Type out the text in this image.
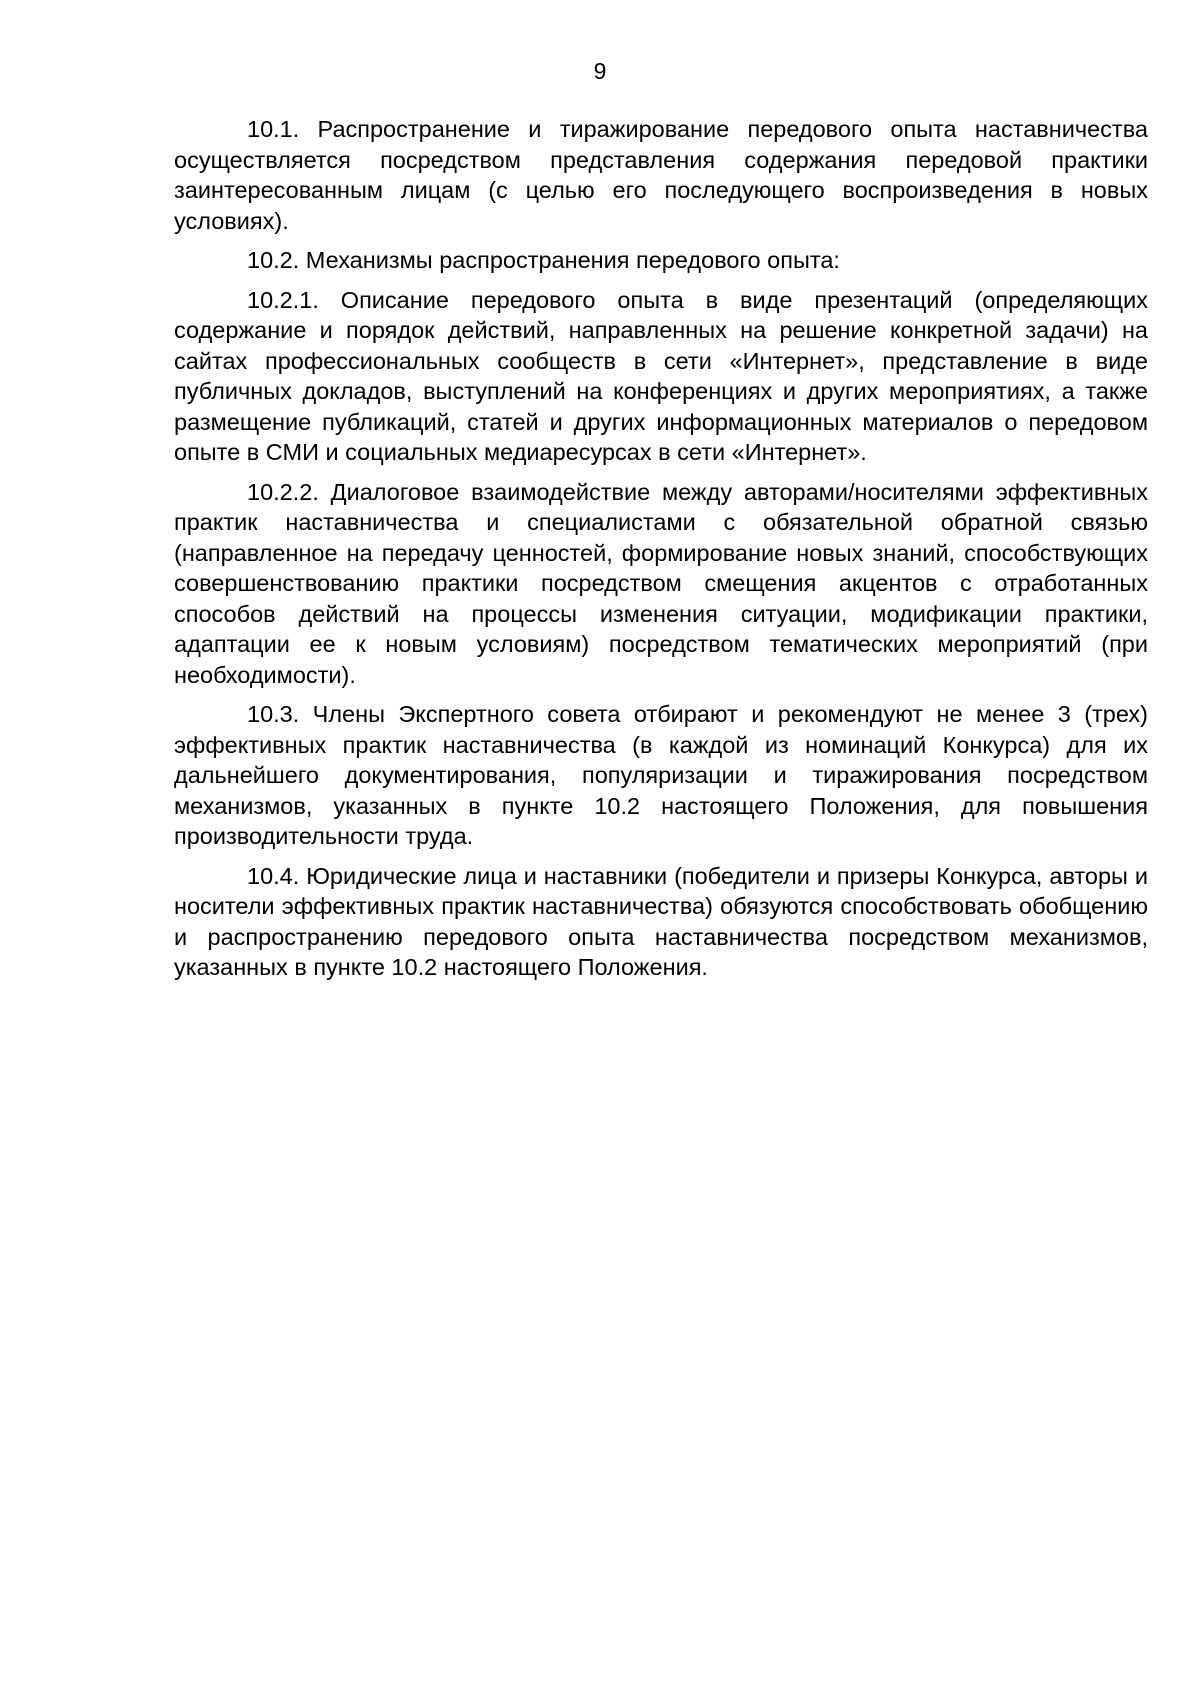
9

10.1. Распространение и тиражирование передового опыта наставничества осуществляется посредством представления содержания передовой практики заинтересованным лицам (с целью его последующего воспроизведения в новых условиях).

10.2. Механизмы распространения передового опыта:

10.2.1. Описание передового опыта в виде презентаций (определяющих содержание и порядок действий, направленных на решение конкретной задачи) на сайтах профессиональных сообществ в сети «Интернет», представление в виде публичных докладов, выступлений на конференциях и других мероприятиях, а также размещение публикаций, статей и других информационных материалов о передовом опыте в СМИ и социальных медиаресурсах в сети «Интернет».

10.2.2. Диалоговое взаимодействие между авторами/носителями эффективных практик наставничества и специалистами с обязательной обратной связью (направленное на передачу ценностей, формирование новых знаний, способствующих совершенствованию практики посредством смещения акцентов с отработанных способов действий на процессы изменения ситуации, модификации практики, адаптации ее к новым условиям) посредством тематических мероприятий (при необходимости).

10.3. Члены Экспертного совета отбирают и рекомендуют не менее 3 (трех) эффективных практик наставничества (в каждой из номинаций Конкурса) для их дальнейшего документирования, популяризации и тиражирования посредством механизмов, указанных в пункте 10.2 настоящего Положения, для повышения производительности труда.

10.4. Юридические лица и наставники (победители и призеры Конкурса, авторы и носители эффективных практик наставничества) обязуются способствовать обобщению и распространению передового опыта наставничества посредством механизмов, указанных в пункте 10.2 настоящего Положения.
